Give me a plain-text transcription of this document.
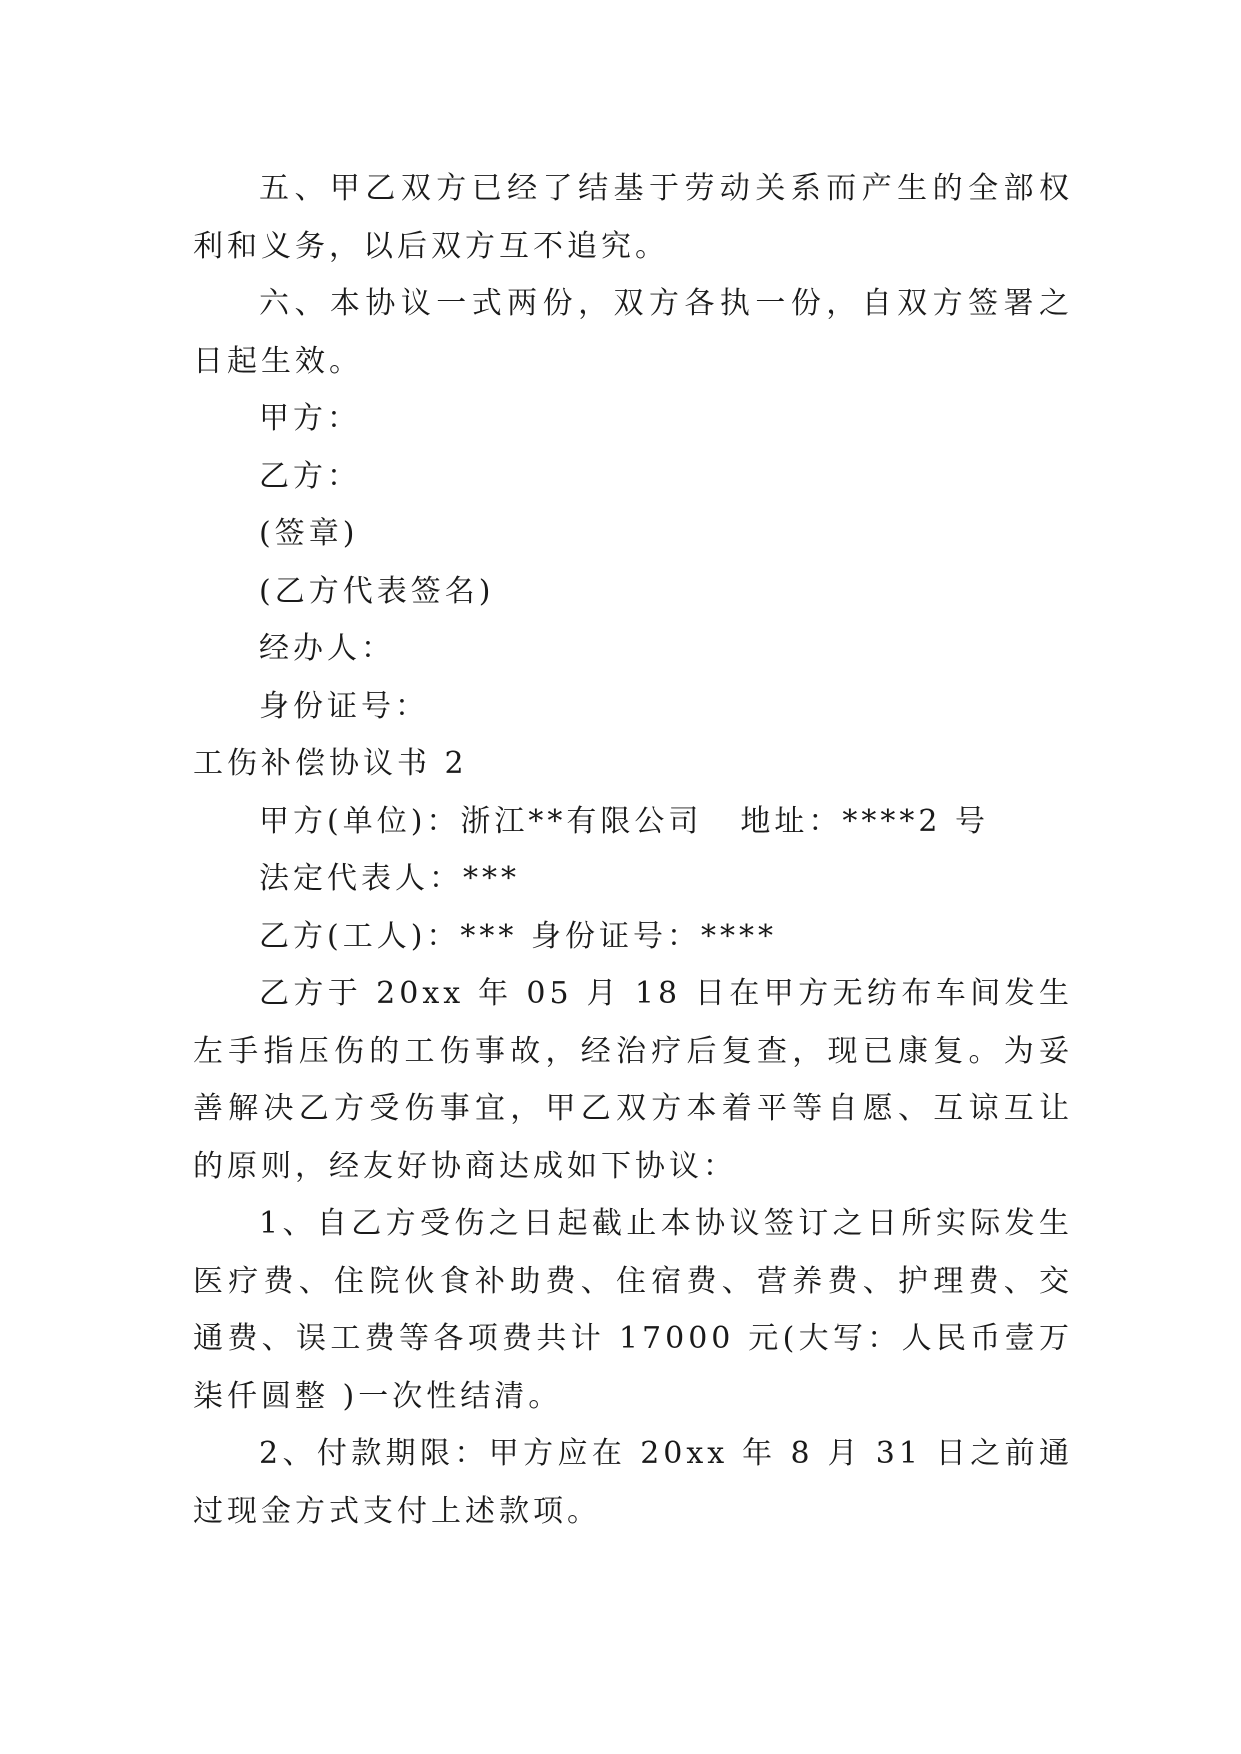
五、甲乙双方已经了结基于劳动关系而产生的全部权利和义务，以后双方互不追究。

六、本协议一式两份，双方各执一份，自双方签署之日起生效。

甲方：

乙方：

(签章)

(乙方代表签名)

经办人：

身份证号：

工伤补偿协议书 2

甲方(单位)：浙江**有限公司 地址：****2 号

法定代表人：***

乙方(工人)：*** 身份证号：****

乙方于 20xx 年 05 月 18 日在甲方无纺布车间发生左手指压伤的工伤事故，经治疗后复查，现已康复。为妥善解决乙方受伤事宜，甲乙双方本着平等自愿、互谅互让的原则，经友好协商达成如下协议：

1、自乙方受伤之日起截止本协议签订之日所实际发生医疗费、住院伙食补助费、住宿费、营养费、护理费、交通费、误工费等各项费共计 17000 元(大写：人民币壹万柒仟圆整 )一次性结清。

2、付款期限：甲方应在 20xx 年 8 月 31 日之前通过现金方式支付上述款项。
